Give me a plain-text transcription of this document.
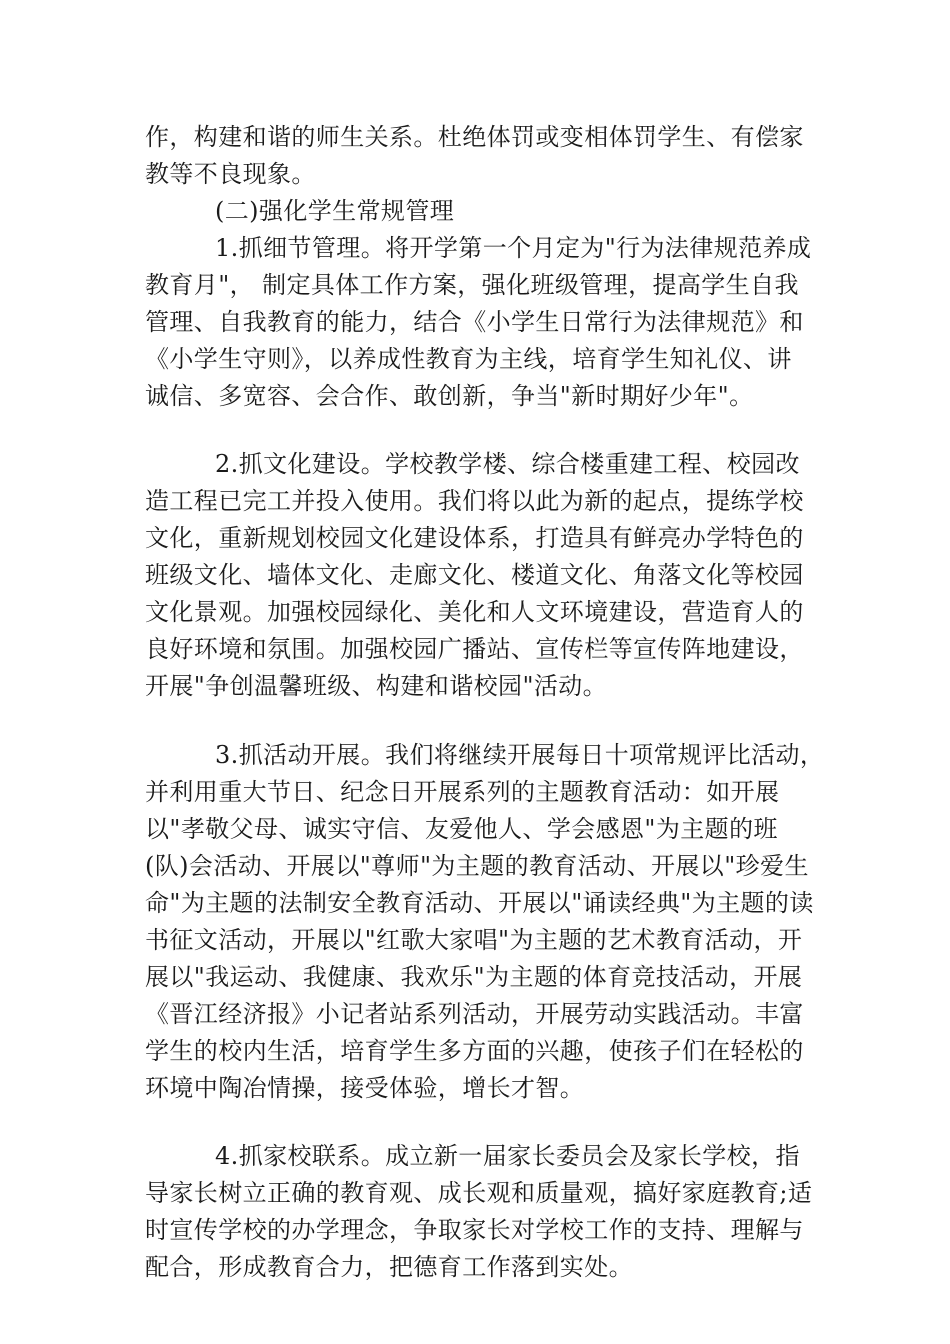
作，构建和谐的师生关系。杜绝体罚或变相体罚学生、有偿家
教等不良现象。
(二)强化学生常规管理
1.抓细节管理。将开学第一个月定为"行为法律规范养成
教育月"， 制定具体工作方案，强化班级管理，提高学生自我
管理、自我教育的能力，结合《小学生日常行为法律规范》和
《小学生守则》，以养成性教育为主线，培育学生知礼仪、讲
诚信、多宽容、会合作、敢创新，争当"新时期好少年"。
2.抓文化建设。学校教学楼、综合楼重建工程、校园改
造工程已完工并投入使用。我们将以此为新的起点，提练学校
文化，重新规划校园文化建设体系，打造具有鲜亮办学特色的
班级文化、墙体文化、走廊文化、楼道文化、角落文化等校园
文化景观。加强校园绿化、美化和人文环境建设，营造育人的
良好环境和氛围。加强校园广播站、宣传栏等宣传阵地建设，
开展"争创温馨班级、构建和谐校园"活动。
3.抓活动开展。我们将继续开展每日十项常规评比活动，
并利用重大节日、纪念日开展系列的主题教育活动：如开展
以"孝敬父母、诚实守信、友爱他人、学会感恩"为主题的班
(队)会活动、开展以"尊师"为主题的教育活动、开展以"珍爱生
命"为主题的法制安全教育活动、开展以"诵读经典"为主题的读
书征文活动，开展以"红歌大家唱"为主题的艺术教育活动，开
展以"我运动、我健康、我欢乐"为主题的体育竞技活动，开展
《晋江经济报》小记者站系列活动，开展劳动实践活动。丰富
学生的校内生活，培育学生多方面的兴趣，使孩子们在轻松的
环境中陶冶情操，接受体验，增长才智。
4.抓家校联系。成立新一届家长委员会及家长学校，指
导家长树立正确的教育观、成长观和质量观，搞好家庭教育;适
时宣传学校的办学理念，争取家长对学校工作的支持、理解与
配合，形成教育合力，把德育工作落到实处。
